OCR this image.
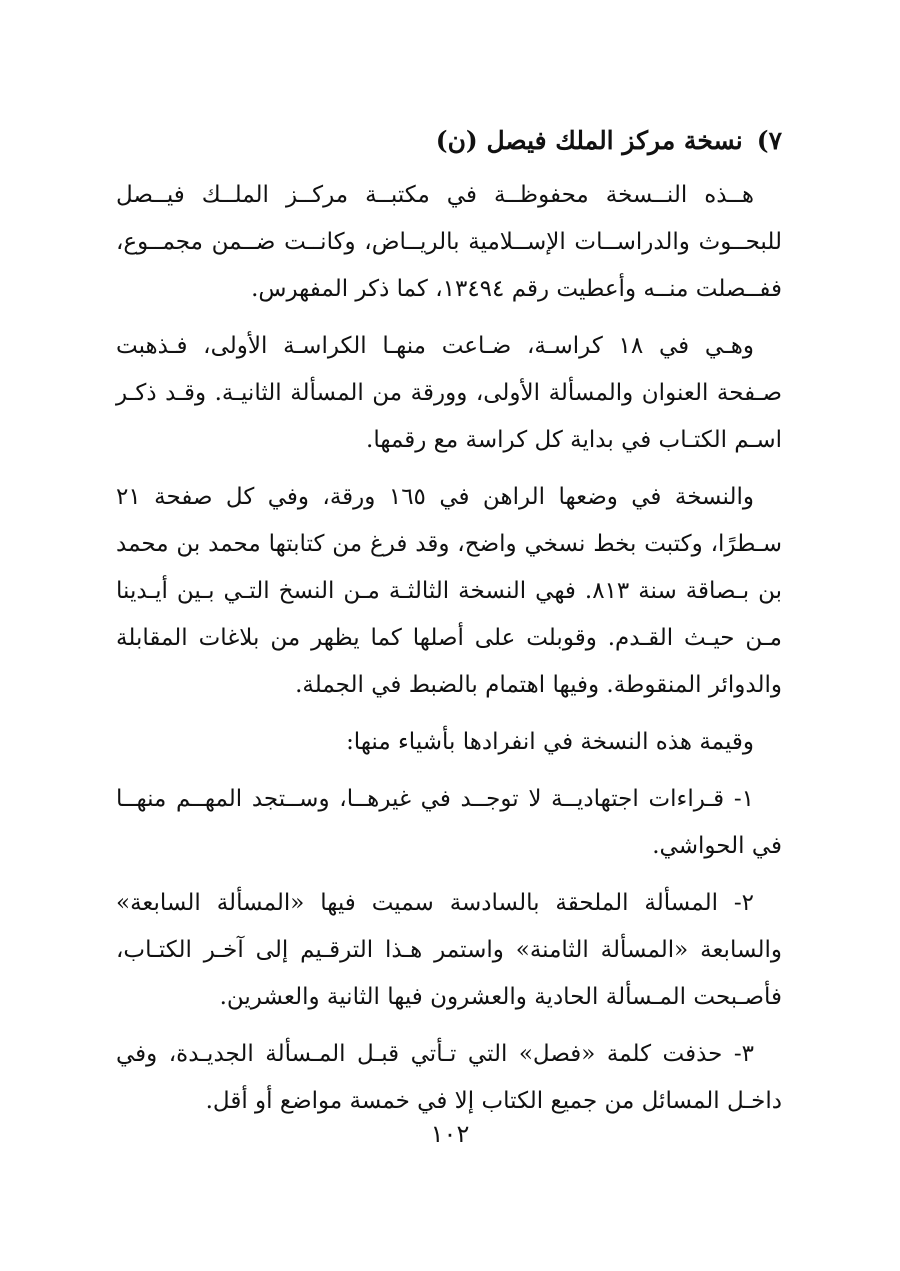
٧)نسخة مركز الملك فيصل (ن)

هــذه النــسخة محفوظــة في مكتبــة مركــز الملــك فيــصل للبحــوث والدراســات الإســلامية بالريــاض، وكانــت ضــمن مجمــوع، ففــصلت منــه وأعطيت رقم ١٣٤٩٤، كما ذكر المفهرس.

وهـي في ١٨ كراسـة، ضـاعت منهـا الكراسـة الأولى، فـذهبت صـفحة العنوان والمسألة الأولى، وورقة من المسألة الثانيـة. وقـد ذكـر اسـم الكتـاب في بداية كل كراسة مع رقمها.

والنسخة في وضعها الراهن في ١٦٥ ورقة، وفي كل صفحة ٢١ سـطرًا، وكتبت بخط نسخي واضح، وقد فرغ من كتابتها محمد بن محمد بن بـصاقة سنة ٨١٣. فهي النسخة الثالثـة مـن النسخ التـي بـين أيـدينا مـن حيـث القـدم. وقوبلت على أصلها كما يظهر من بلاغات المقابلة والدوائر المنقوطة. وفيها اهتمام بالضبط في الجملة.

وقيمة هذه النسخة في انفرادها بأشياء منها:

١- قـراءات اجتهاديــة لا توجــد في غيرهــا، وســتجد المهــم منهــا في الحواشي.

٢- المسألة الملحقة بالسادسة سميت فيها «المسألة السابعة» والسابعة «المسألة الثامنة» واستمر هـذا الترقـيم إلى آخـر الكتـاب، فأصـبحت المـسألة الحادية والعشرون فيها الثانية والعشرين.

٣- حذفت كلمة «فصل» التي تـأتي قبـل المـسألة الجديـدة، وفي داخـل المسائل من جميع الكتاب إلا في خمسة مواضع أو أقل.

١٠٢
